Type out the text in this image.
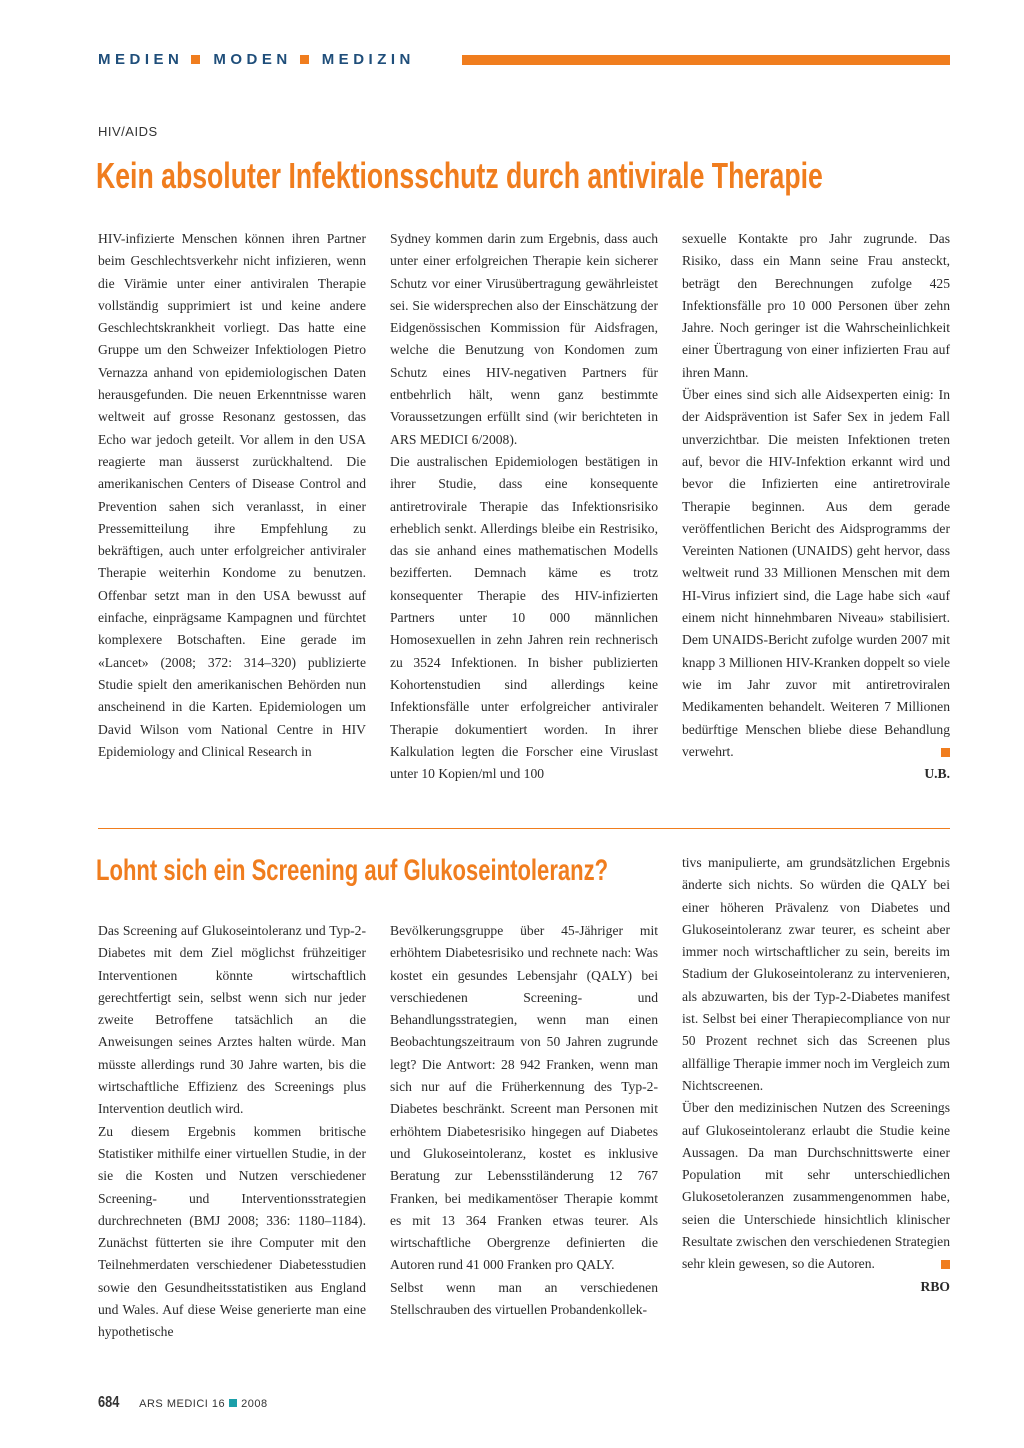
MEDIEN MODEN MEDIZIN
HIV/AIDS
Kein absoluter Infektionsschutz durch antivirale Therapie

HIV-infizierte Menschen können ihren Partner beim Geschlechtsverkehr nicht infizieren, wenn die Virämie unter einer antiviralen Therapie vollständig supprimiert ist und keine andere Geschlechtskrankheit vorliegt. Das hatte eine Gruppe um den Schweizer Infektiologen Pietro Vernazza anhand von epidemiologischen Daten herausgefunden. Die neuen Erkenntnisse waren weltweit auf grosse Resonanz gestossen, das Echo war jedoch geteilt. Vor allem in den USA reagierte man äusserst zurückhaltend. Die amerikanischen Centers of Disease Control and Prevention sahen sich veranlasst, in einer Pressemitteilung ihre Empfehlung zu bekräftigen, auch unter erfolgreicher antiviraler Therapie weiterhin Kondome zu benutzen. Offenbar setzt man in den USA bewusst auf einfache, einprägsame Kampagnen und fürchtet komplexere Botschaften. Eine gerade im «Lancet» (2008; 372: 314–320) publizierte Studie spielt den amerikanischen Behörden nun anscheinend in die Karten. Epidemiologen um David Wilson vom National Centre in HIV Epidemiology and Clinical Research in

Sydney kommen darin zum Ergebnis, dass auch unter einer erfolgreichen Therapie kein sicherer Schutz vor einer Virusübertragung gewährleistet sei. Sie widersprechen also der Einschätzung der Eidgenössischen Kommission für Aidsfragen, welche die Benutzung von Kondomen zum Schutz eines HIV-negativen Partners für entbehrlich hält, wenn ganz bestimmte Voraussetzungen erfüllt sind (wir berichteten in ARS MEDICI 6/2008).

Die australischen Epidemiologen bestätigen in ihrer Studie, dass eine konsequente antiretrovirale Therapie das Infektionsrisiko erheblich senkt. Allerdings bleibe ein Restrisiko, das sie anhand eines mathematischen Modells bezifferten. Demnach käme es trotz konsequenter Therapie des HIV-infizierten Partners unter 10 000 männlichen Homosexuellen in zehn Jahren rein rechnerisch zu 3524 Infektionen. In bisher publizierten Kohortenstudien sind allerdings keine Infektionsfälle unter erfolgreicher antiviraler Therapie dokumentiert worden. In ihrer Kalkulation legten die Forscher eine Viruslast unter 10 Kopien/ml und 100

sexuelle Kontakte pro Jahr zugrunde. Das Risiko, dass ein Mann seine Frau ansteckt, beträgt den Berechnungen zufolge 425 Infektionsfälle pro 10 000 Personen über zehn Jahre. Noch geringer ist die Wahrscheinlichkeit einer Übertragung von einer infizierten Frau auf ihren Mann.

Über eines sind sich alle Aidsexperten einig: In der Aidsprävention ist Safer Sex in jedem Fall unverzichtbar. Die meisten Infektionen treten auf, bevor die HIV-Infektion erkannt wird und bevor die Infizierten eine antiretrovirale Therapie beginnen. Aus dem gerade veröffentlichen Bericht des Aidsprogramms der Vereinten Nationen (UNAIDS) geht hervor, dass weltweit rund 33 Millionen Menschen mit dem HI-Virus infiziert sind, die Lage habe sich «auf einem nicht hinnehmbaren Niveau» stabilisiert. Dem UNAIDS-Bericht zufolge wurden 2007 mit knapp 3 Millionen HIV-Kranken doppelt so viele wie im Jahr zuvor mit antiretroviralen Medikamenten behandelt. Weiteren 7 Millionen bedürftige Menschen bliebe diese Behandlung verwehrt.

U.B.
Lohnt sich ein Screening auf Glukoseintoleranz?

Das Screening auf Glukoseintoleranz und Typ-2-Diabetes mit dem Ziel möglichst frühzeitiger Interventionen könnte wirtschaftlich gerechtfertigt sein, selbst wenn sich nur jeder zweite Betroffene tatsächlich an die Anweisungen seines Arztes halten würde. Man müsste allerdings rund 30 Jahre warten, bis die wirtschaftliche Effizienz des Screenings plus Intervention deutlich wird.

Zu diesem Ergebnis kommen britische Statistiker mithilfe einer virtuellen Studie, in der sie die Kosten und Nutzen verschiedener Screening- und Interventionsstrategien durchrechneten (BMJ 2008; 336: 1180–1184). Zunächst fütterten sie ihre Computer mit den Teilnehmerdaten verschiedener Diabetesstudien sowie den Gesundheitsstatistiken aus England und Wales. Auf diese Weise generierte man eine hypothetische

Bevölkerungsgruppe über 45-Jähriger mit erhöhtem Diabetesrisiko und rechnete nach: Was kostet ein gesundes Lebensjahr (QALY) bei verschiedenen Screening- und Behandlungsstrategien, wenn man einen Beobachtungszeitraum von 50 Jahren zugrunde legt? Die Antwort: 28 942 Franken, wenn man sich nur auf die Früherkennung des Typ-2-Diabetes beschränkt. Screent man Personen mit erhöhtem Diabetesrisiko hingegen auf Diabetes und Glukoseintoleranz, kostet es inklusive Beratung zur Lebensstiländerung 12 767 Franken, bei medikamentöser Therapie kommt es mit 13 364 Franken etwas teurer. Als wirtschaftliche Obergrenze definierten die Autoren rund 41 000 Franken pro QALY.

Selbst wenn man an verschiedenen Stellschrauben des virtuellen Probandenkollek-

tivs manipulierte, am grundsätzlichen Ergebnis änderte sich nichts. So würden die QALY bei einer höheren Prävalenz von Diabetes und Glukoseintoleranz zwar teurer, es scheint aber immer noch wirtschaftlicher zu sein, bereits im Stadium der Glukoseintoleranz zu intervenieren, als abzuwarten, bis der Typ-2-Diabetes manifest ist. Selbst bei einer Therapiecompliance von nur 50 Prozent rechnet sich das Screenen plus allfällige Therapie immer noch im Vergleich zum Nichtscreenen.

Über den medizinischen Nutzen des Screenings auf Glukoseintoleranz erlaubt die Studie keine Aussagen. Da man Durchschnittswerte einer Population mit sehr unterschiedlichen Glukosetoleranzen zusammengenommen habe, seien die Unterschiede hinsichtlich klinischer Resultate zwischen den verschiedenen Strategien sehr klein gewesen, so die Autoren.

RBO
684 ARS MEDICI 16 2008
